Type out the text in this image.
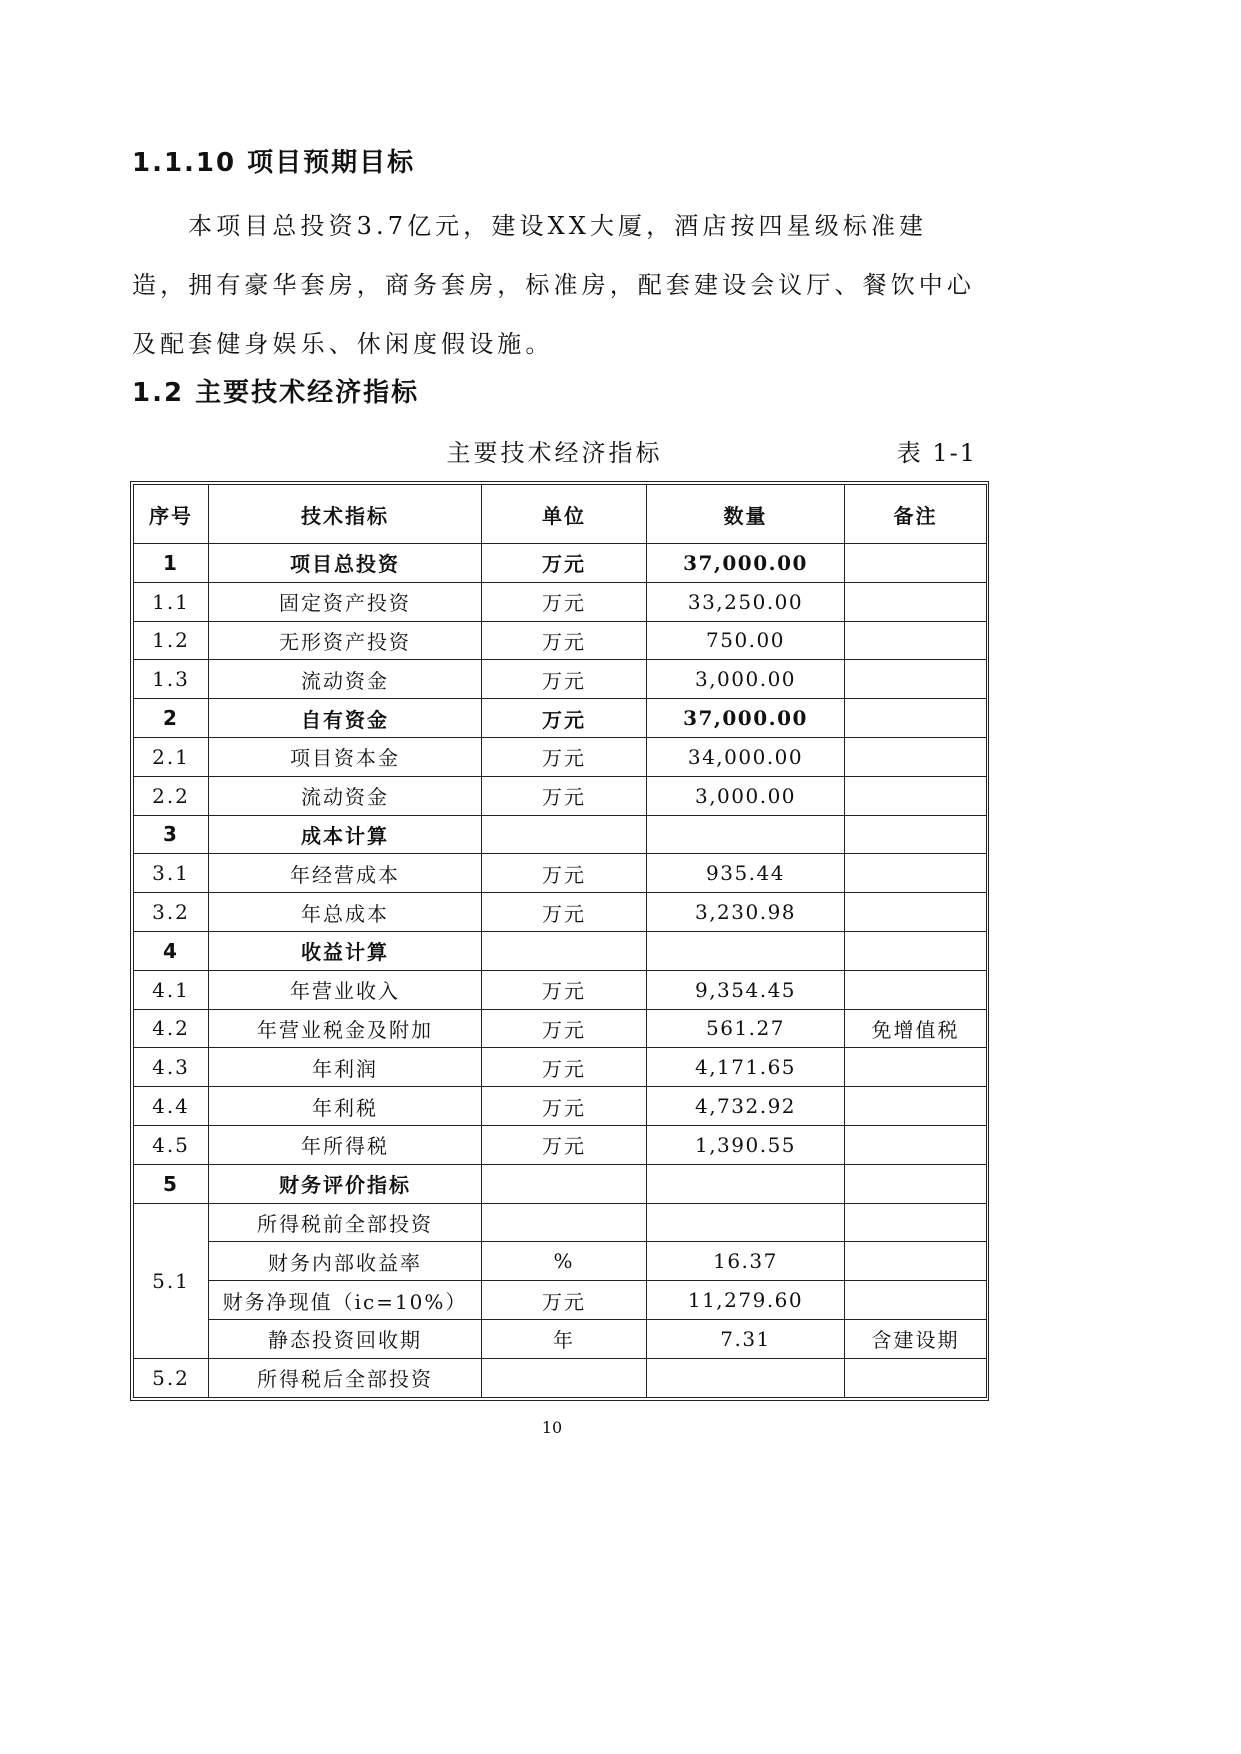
1.1.10 项目预期目标

本项目总投资3.7亿元，建设XX大厦，酒店按四星级标准建造，拥有豪华套房，商务套房，标准房，配套建设会议厅、餐饮中心及配套健身娱乐、休闲度假设施。

1.2 主要技术经济指标
主要技术经济指标	表 1-1
序号	技术指标	单位	数量	备注
1	项目总投资	万元	37,000.00	
1.1	固定资产投资	万元	33,250.00	
1.2	无形资产投资	万元	750.00	
1.3	流动资金	万元	3,000.00	
2	自有资金	万元	37,000.00	
2.1	项目资本金	万元	34,000.00	
2.2	流动资金	万元	3,000.00	
3	成本计算			
3.1	年经营成本	万元	935.44	
3.2	年总成本	万元	3,230.98	
4	收益计算			
4.1	年营业收入	万元	9,354.45	
4.2	年营业税金及附加	万元	561.27	免增值税
4.3	年利润	万元	4,171.65	
4.4	年利税	万元	4,732.92	
4.5	年所得税	万元	1,390.55	
5	财务评价指标			
5.1	所得税前全部投资			
	财务内部收益率	%	16.37	
	财务净现值（ic=10%）	万元	11,279.60	
	静态投资回收期	年	7.31	含建设期
5.2	所得税后全部投资			
10
